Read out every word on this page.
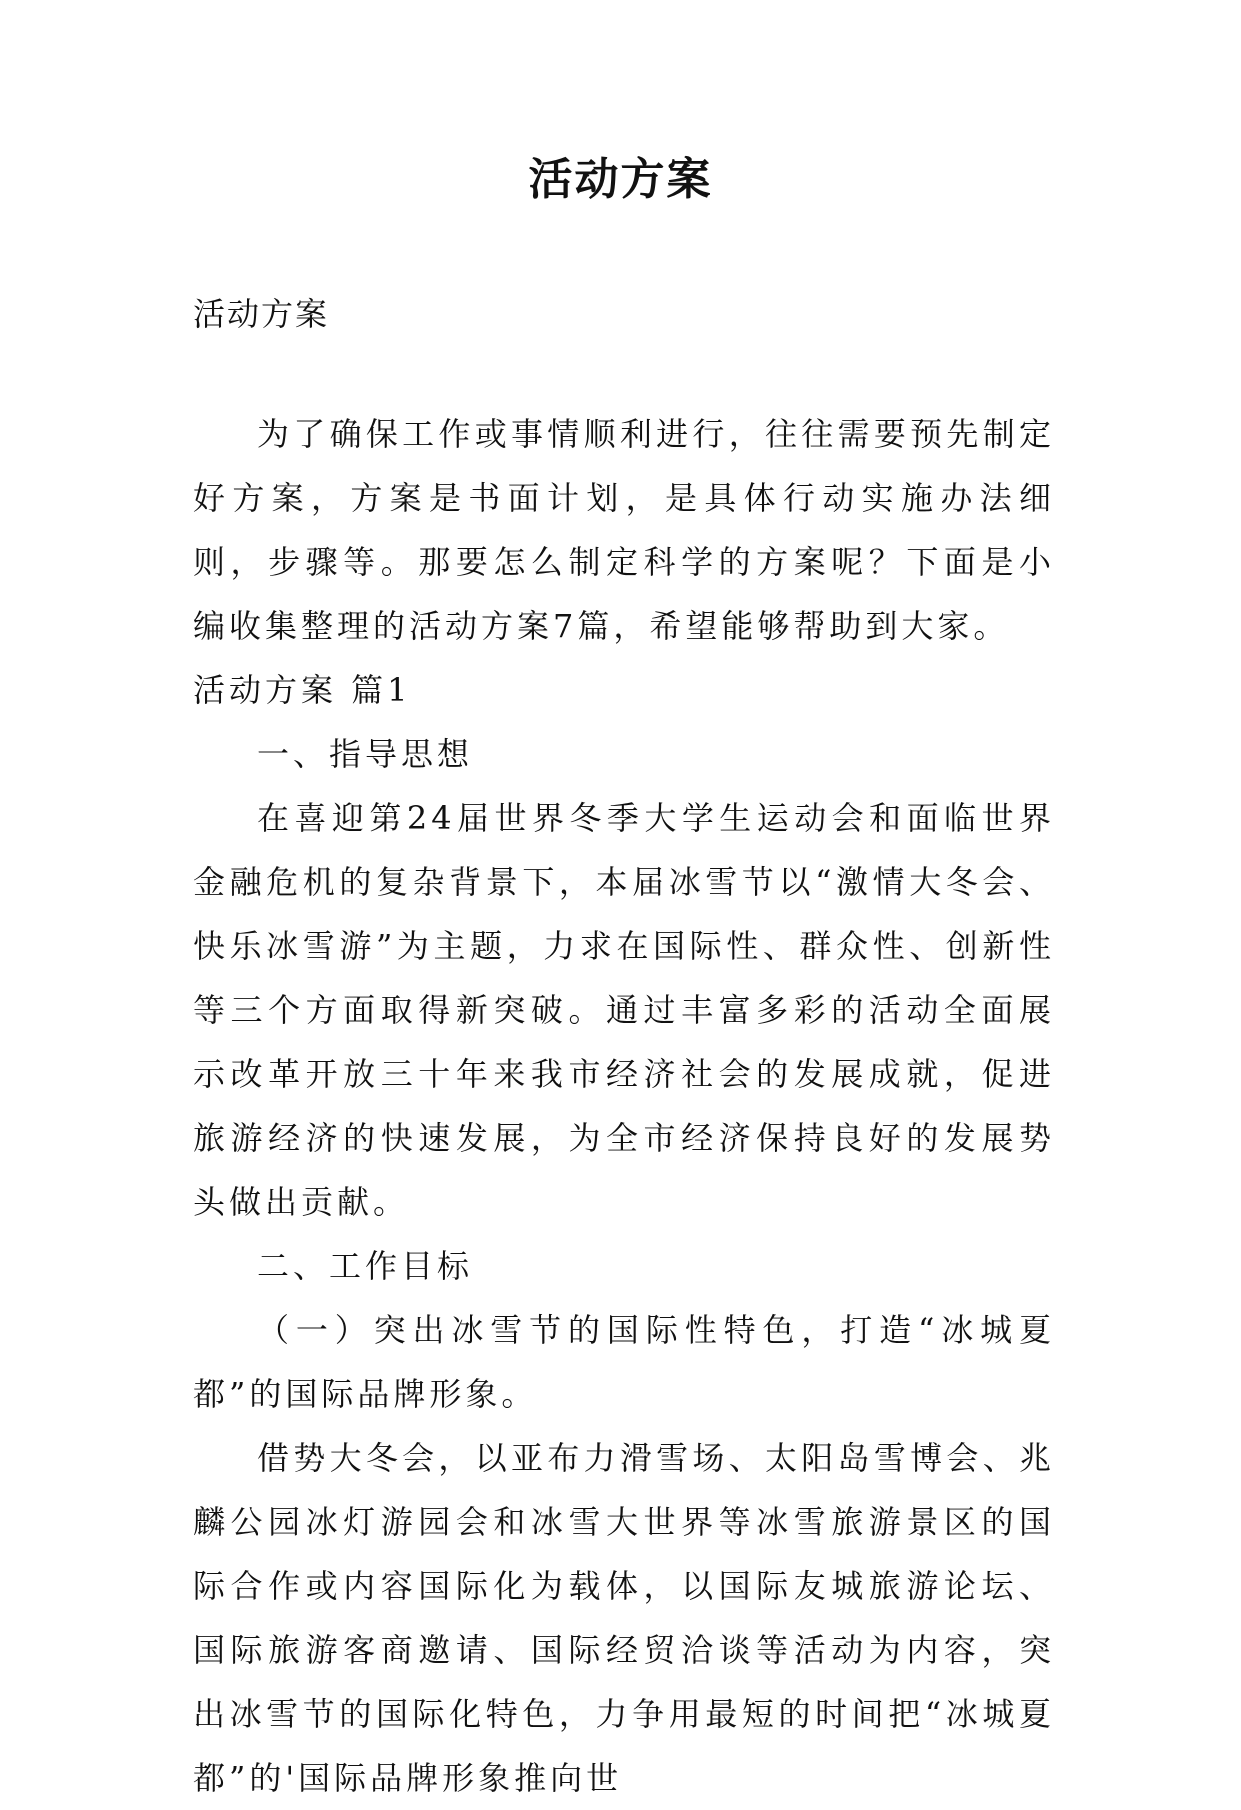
活动方案
活动方案

为了确保工作或事情顺利进行，往往需要预先制定好方案，方案是书面计划，是具体行动实施办法细则，步骤等。那要怎么制定科学的方案呢？下面是小编收集整理的活动方案7篇，希望能够帮助到大家。

活动方案 篇1

一、指导思想

在喜迎第24届世界冬季大学生运动会和面临世界金融危机的复杂背景下，本届冰雪节以“激情大冬会、快乐冰雪游”为主题，力求在国际性、群众性、创新性等三个方面取得新突破。通过丰富多彩的活动全面展示改革开放三十年来我市经济社会的发展成就，促进旅游经济的快速发展，为全市经济保持良好的发展势头做出贡献。

二、工作目标

（一）突出冰雪节的国际性特色，打造“冰城夏都”的国际品牌形象。

借势大冬会，以亚布力滑雪场、太阳岛雪博会、兆麟公园冰灯游园会和冰雪大世界等冰雪旅游景区的国际合作或内容国际化为载体，以国际友城旅游论坛、国际旅游客商邀请、国际经贸洽谈等活动为内容，突出冰雪节的国际化特色，力争用最短的时间把“冰城夏都”的'国际品牌形象推向世
